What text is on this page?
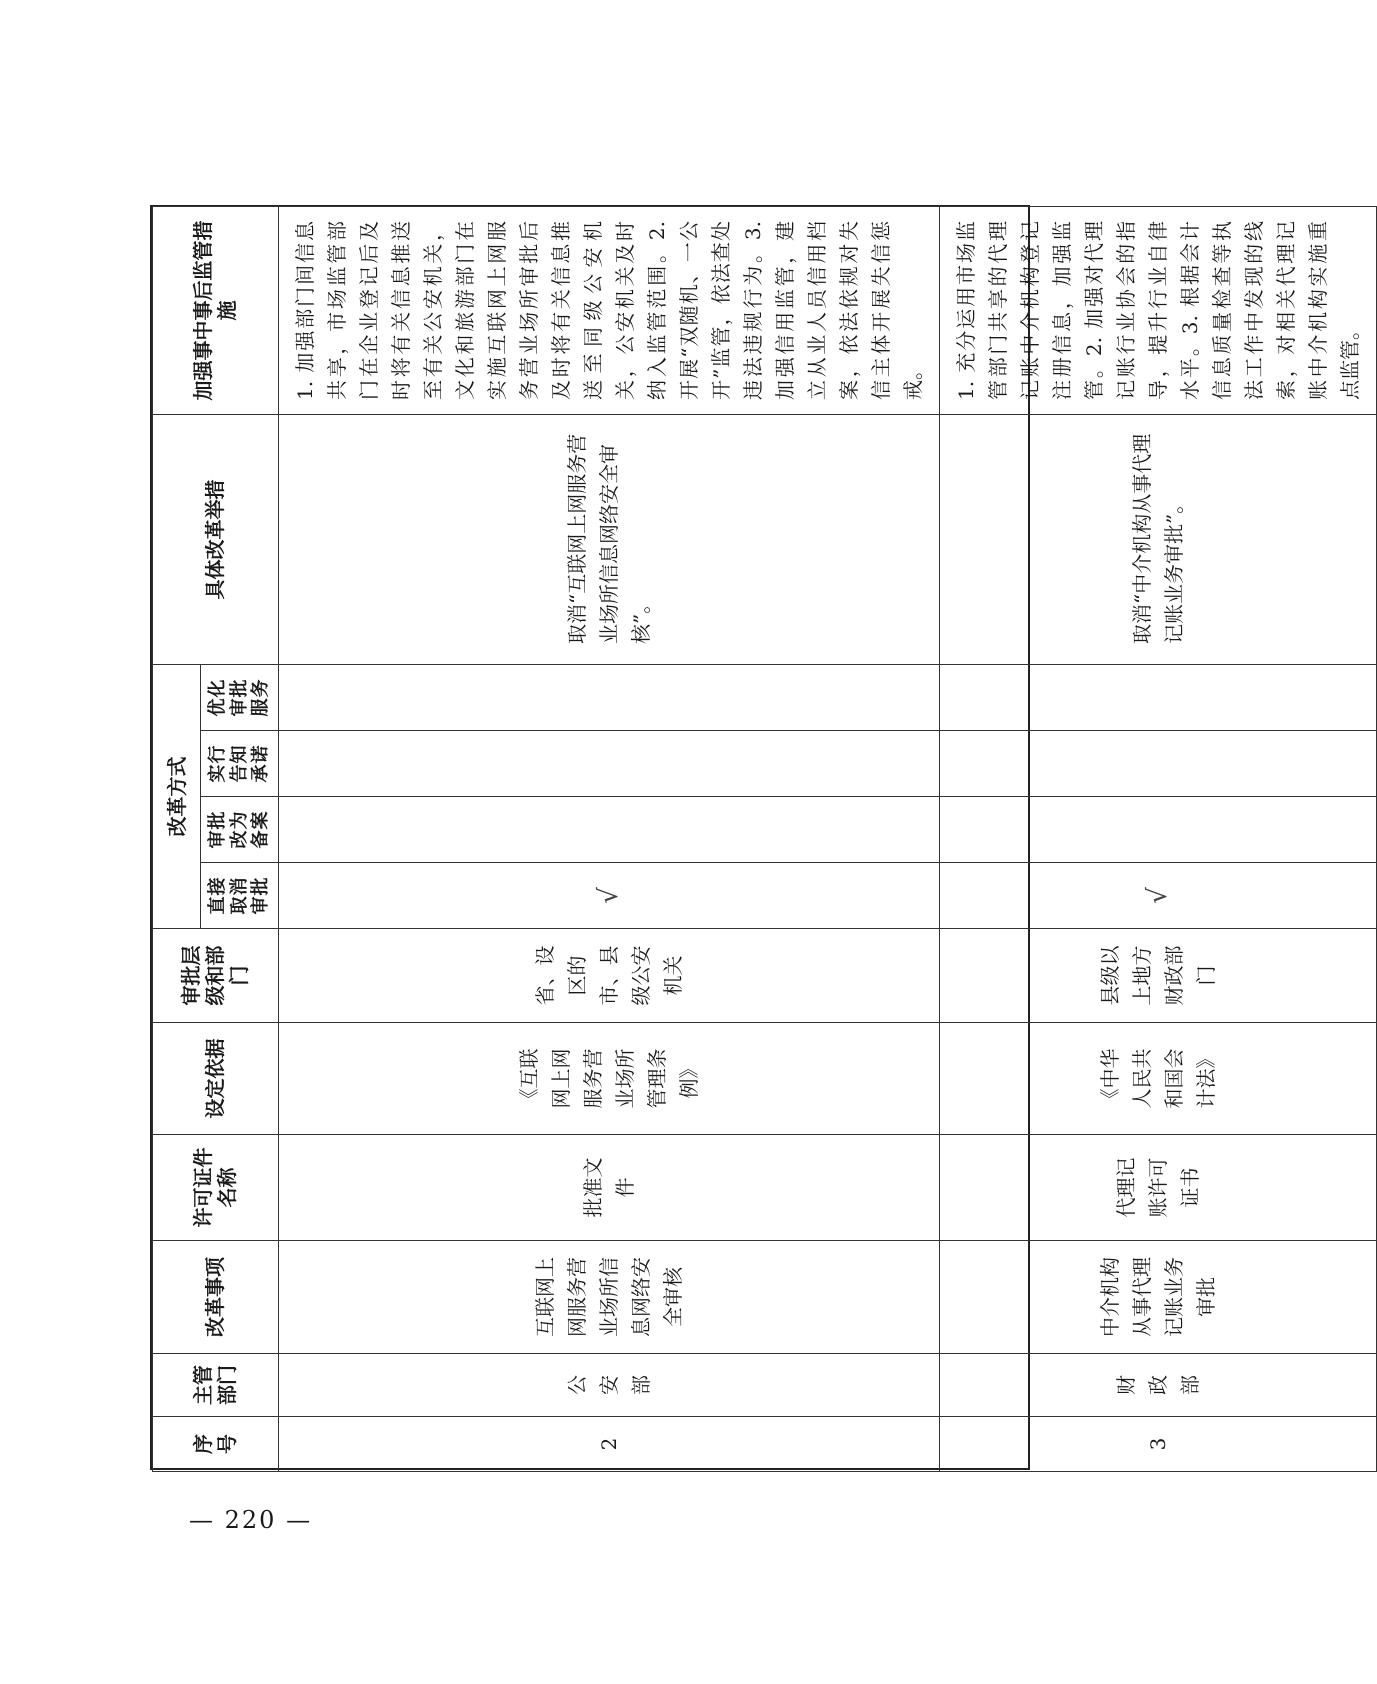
序号	主管部门	改革事项	许可证件名称	设定依据	审批层级和部门	改革方式				具体改革举措	加强事中事后监管措施
						直接取消审批	审批改为备案	实行告知承诺	优化审批服务		
2	公安部	互联网上网服务营业场所信息网络安全审核	批准文件	《互联网上网服务营业场所管理条例》	省、设区的市、县级公安机关	√				取消“互联网上网服务营业场所信息网络安全审核”。	1. 加强部门间信息共享，市场监管部门在企业登记后及时将有关信息推送至有关公安机关，文化和旅游部门在实施互联网上网服务营业场所审批后及时将有关信息推送至同级公安机关，公安机关及时纳入监管范围。2. 开展“双随机、一公开”监管，依法查处违法违规行为。3. 加强信用监管，建立从业人员信用档案，依法依规对失信主体开展失信惩戒。
3	财政部	中介机构从事代理记账业务审批	代理记账许可证书	《中华人民共和国会计法》	县级以上地方财政部门	√				取消“中介机构从事代理记账业务审批”。	1. 充分运用市场监管部门共享的代理记账中介机构登记注册信息，加强监管。2. 加强对代理记账行业协会的指导，提升行业自律水平。3. 根据会计信息质量检查等执法工作中发现的线索，对相关代理记账中介机构实施重点监管。
— 220 —
